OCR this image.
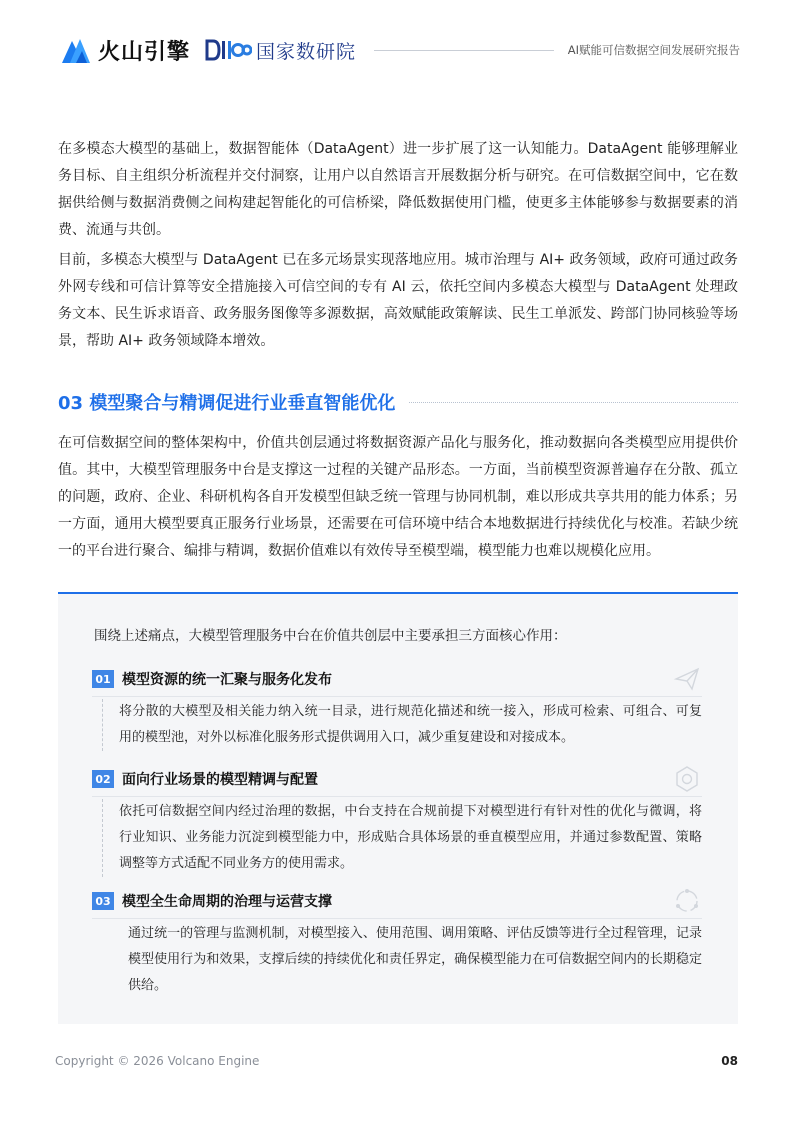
火山引擎	国家数研院	AI赋能可信数据空间发展研究报告

在多模态大模型的基础上，数据智能体（DataAgent）进一步扩展了这一认知能力。DataAgent 能够理解业务目标、自主组织分析流程并交付洞察，让用户以自然语言开展数据分析与研究。在可信数据空间中，它在数据供给侧与数据消费侧之间构建起智能化的可信桥梁，降低数据使用门槛，使更多主体能够参与数据要素的消费、流通与共创。

目前，多模态大模型与 DataAgent 已在多元场景实现落地应用。城市治理与 AI+ 政务领域，政府可通过政务外网专线和可信计算等安全措施接入可信空间的专有 AI 云，依托空间内多模态大模型与 DataAgent 处理政务文本、民生诉求语音、政务服务图像等多源数据，高效赋能政策解读、民生工单派发、跨部门协同核验等场景，帮助 AI+ 政务领域降本增效。

03 模型聚合与精调促进行业垂直智能优化

在可信数据空间的整体架构中，价值共创层通过将数据资源产品化与服务化，推动数据向各类模型应用提供价值。其中，大模型管理服务中台是支撑这一过程的关键产品形态。一方面，当前模型资源普遍存在分散、孤立的问题，政府、企业、科研机构各自开发模型但缺乏统一管理与协同机制，难以形成共享共用的能力体系；另一方面，通用大模型要真正服务行业场景，还需要在可信环境中结合本地数据进行持续优化与校准。若缺少统一的平台进行聚合、编排与精调，数据价值难以有效传导至模型端，模型能力也难以规模化应用。

围绕上述痛点，大模型管理服务中台在价值共创层中主要承担三方面核心作用：
01 模型资源的统一汇聚与服务化发布
将分散的大模型及相关能力纳入统一目录，进行规范化描述和统一接入，形成可检索、可组合、可复用的模型池，对外以标准化服务形式提供调用入口，减少重复建设和对接成本。
02 面向行业场景的模型精调与配置
依托可信数据空间内经过治理的数据，中台支持在合规前提下对模型进行有针对性的优化与微调，将行业知识、业务能力沉淀到模型能力中，形成贴合具体场景的垂直模型应用，并通过参数配置、策略调整等方式适配不同业务方的使用需求。
03 模型全生命周期的治理与运营支撑
通过统一的管理与监测机制，对模型接入、使用范围、调用策略、评估反馈等进行全过程管理，记录模型使用行为和效果，支撑后续的持续优化和责任界定，确保模型能力在可信数据空间内的长期稳定供给。
Copyright © 2026 Volcano Engine	08
